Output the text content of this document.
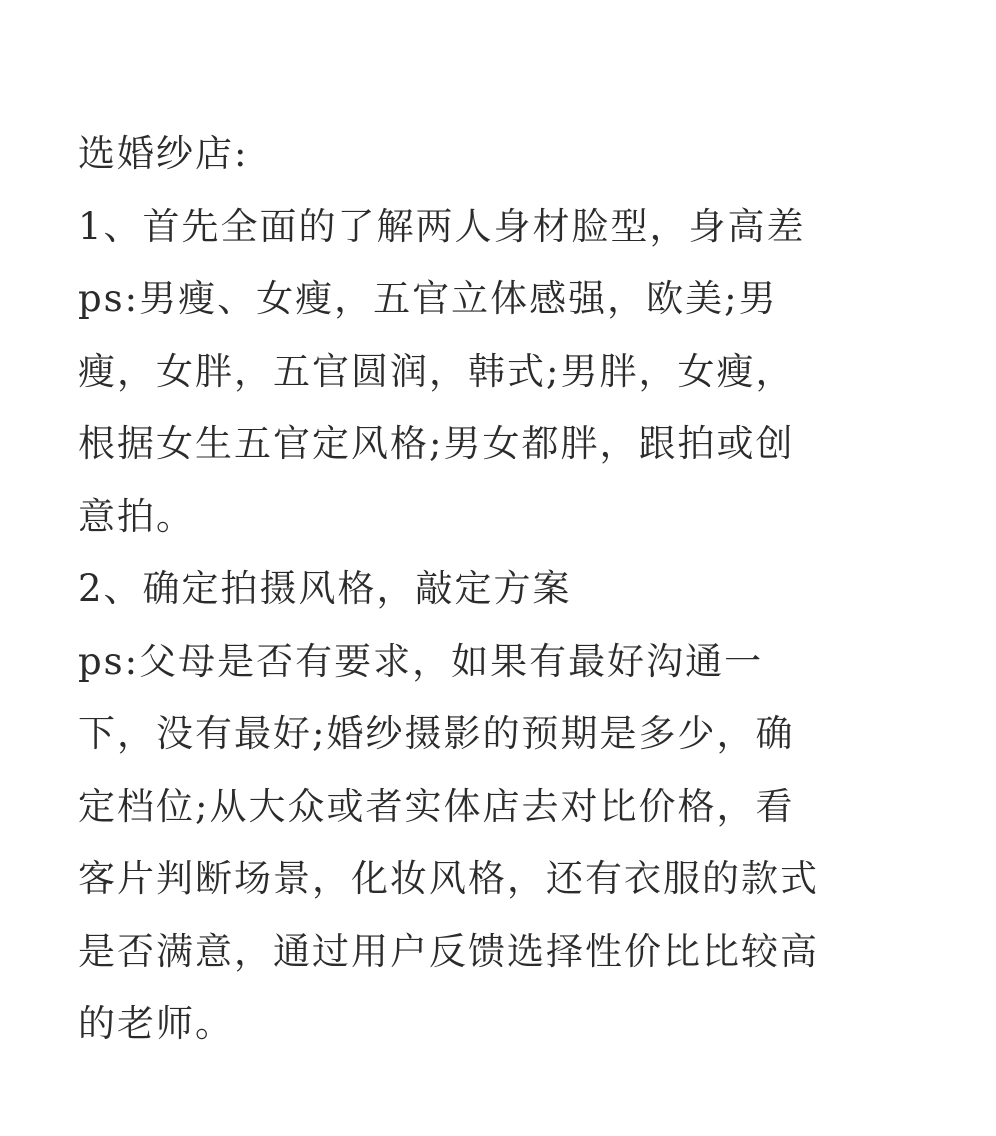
选婚纱店:
1、首先全面的了解两人身材脸型，身高差
ps:男瘦、女瘦，五官立体感强，欧美;男
瘦，女胖，五官圆润，韩式;男胖，女瘦，
根据女生五官定风格;男女都胖，跟拍或创
意拍。
2、确定拍摄风格，敲定方案
ps:父母是否有要求，如果有最好沟通一
下，没有最好;婚纱摄影的预期是多少，确
定档位;从大众或者实体店去对比价格，看
客片判断场景，化妆风格，还有衣服的款式
是否满意，通过用户反馈选择性价比比较高
的老师。
